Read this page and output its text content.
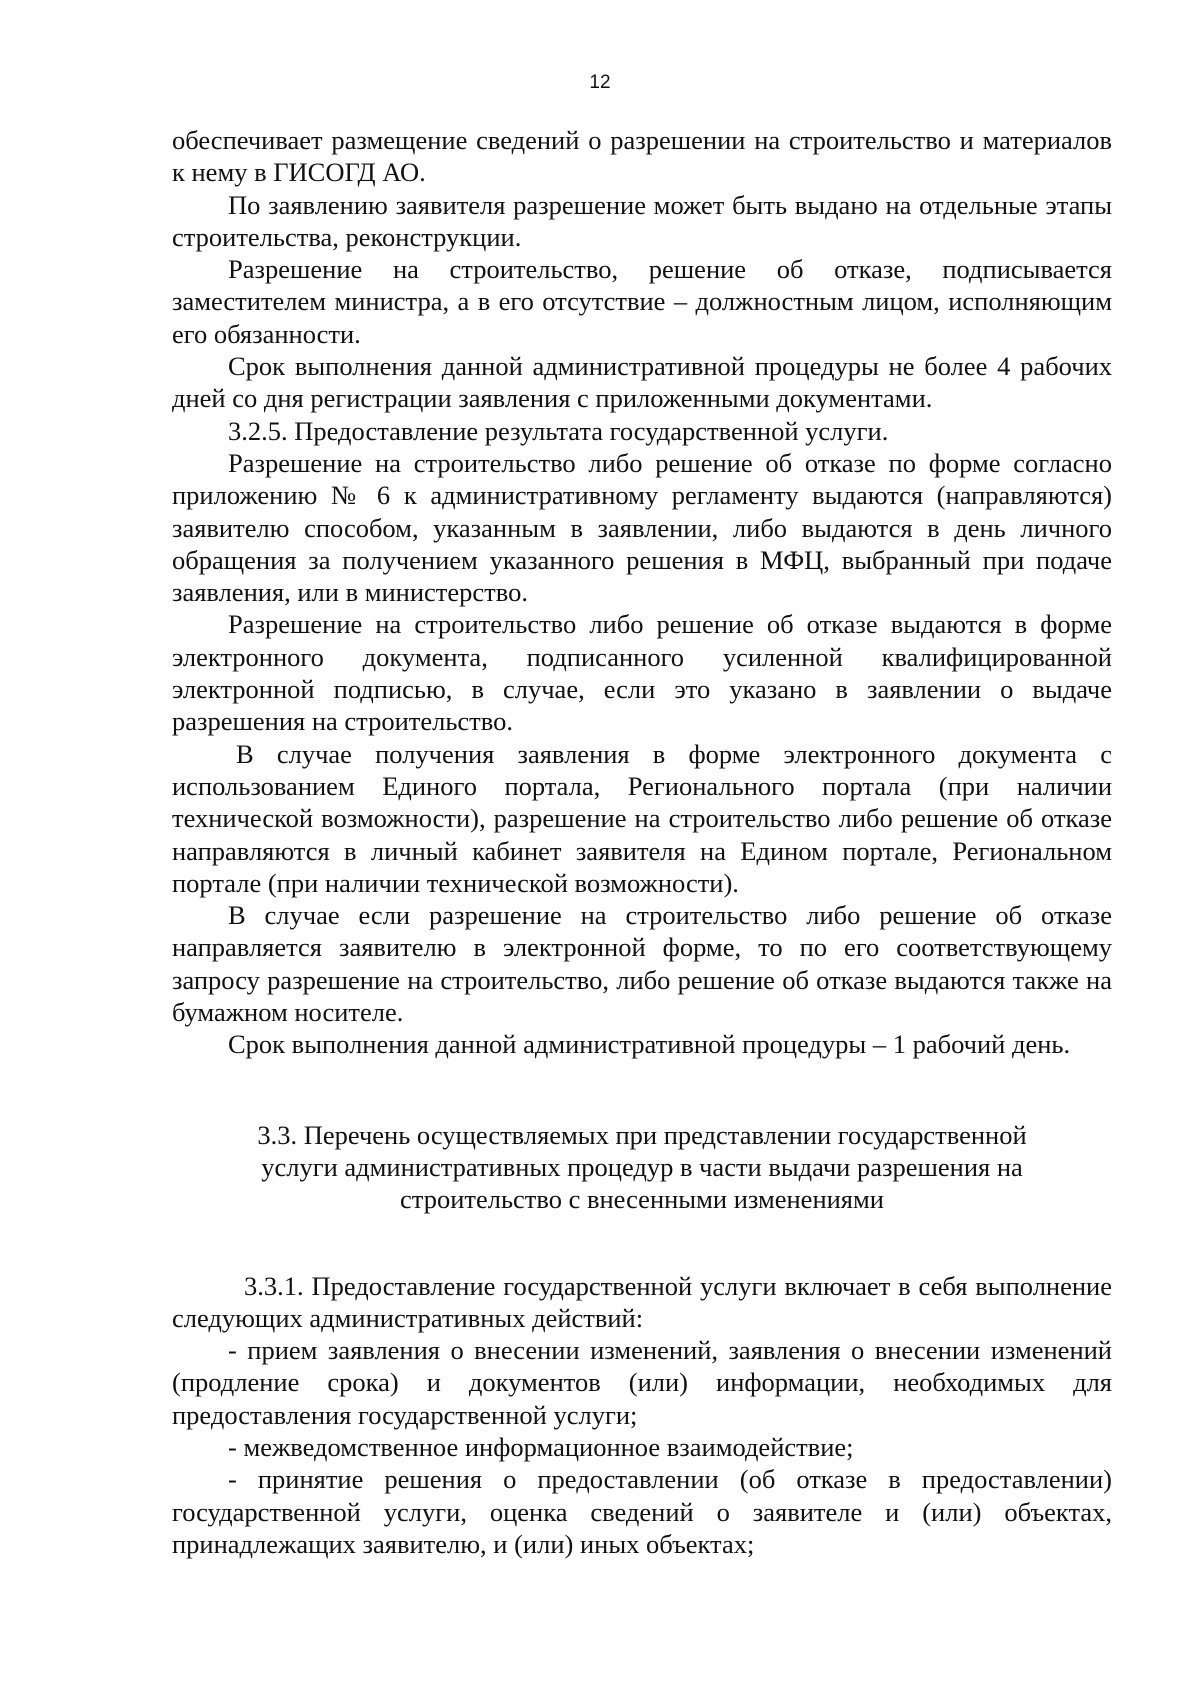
12

обеспечивает размещение сведений о разрешении на строительство и материалов к нему в ГИСОГД АО.

По заявлению заявителя разрешение может быть выдано на отдельные этапы строительства, реконструкции.

Разрешение на строительство, решение об отказе, подписывается заместителем министра, а в его отсутствие – должностным лицом, исполняющим его обязанности.

Срок выполнения данной административной процедуры не более 4 рабочих дней со дня регистрации заявления с приложенными документами.

3.2.5. Предоставление результата государственной услуги.

Разрешение на строительство либо решение об отказе по форме согласно приложению № 6 к административному регламенту выдаются (направляются) заявителю способом, указанным в заявлении, либо выдаются в день личного обращения за получением указанного решения в МФЦ, выбранный при подаче заявления, или в министерство.

Разрешение на строительство либо решение об отказе выдаются в форме электронного документа, подписанного усиленной квалифицированной электронной подписью, в случае, если это указано в заявлении о выдаче разрешения на строительство.

В случае получения заявления в форме электронного документа с использованием Единого портала, Регионального портала (при наличии технической возможности), разрешение на строительство либо решение об отказе направляются в личный кабинет заявителя на Едином портале, Региональном портале (при наличии технической возможности).

В случае если разрешение на строительство либо решение об отказе направляется заявителю в электронной форме, то по его соответствующему запросу разрешение на строительство, либо решение об отказе выдаются также на бумажном носителе.

Срок выполнения данной административной процедуры – 1 рабочий день.

3.3. Перечень осуществляемых при представлении государственной
услуги административных процедур в части выдачи разрешения на
строительство с внесенными изменениями

3.3.1. Предоставление государственной услуги включает в себя выполнение следующих административных действий:

- прием заявления о внесении изменений, заявления о внесении изменений (продление срока) и документов (или) информации, необходимых для предоставления государственной услуги;

- межведомственное информационное взаимодействие;

- принятие решения о предоставлении (об отказе в предоставлении) государственной услуги, оценка сведений о заявителе и (или) объектах, принадлежащих заявителю, и (или) иных объектах;
